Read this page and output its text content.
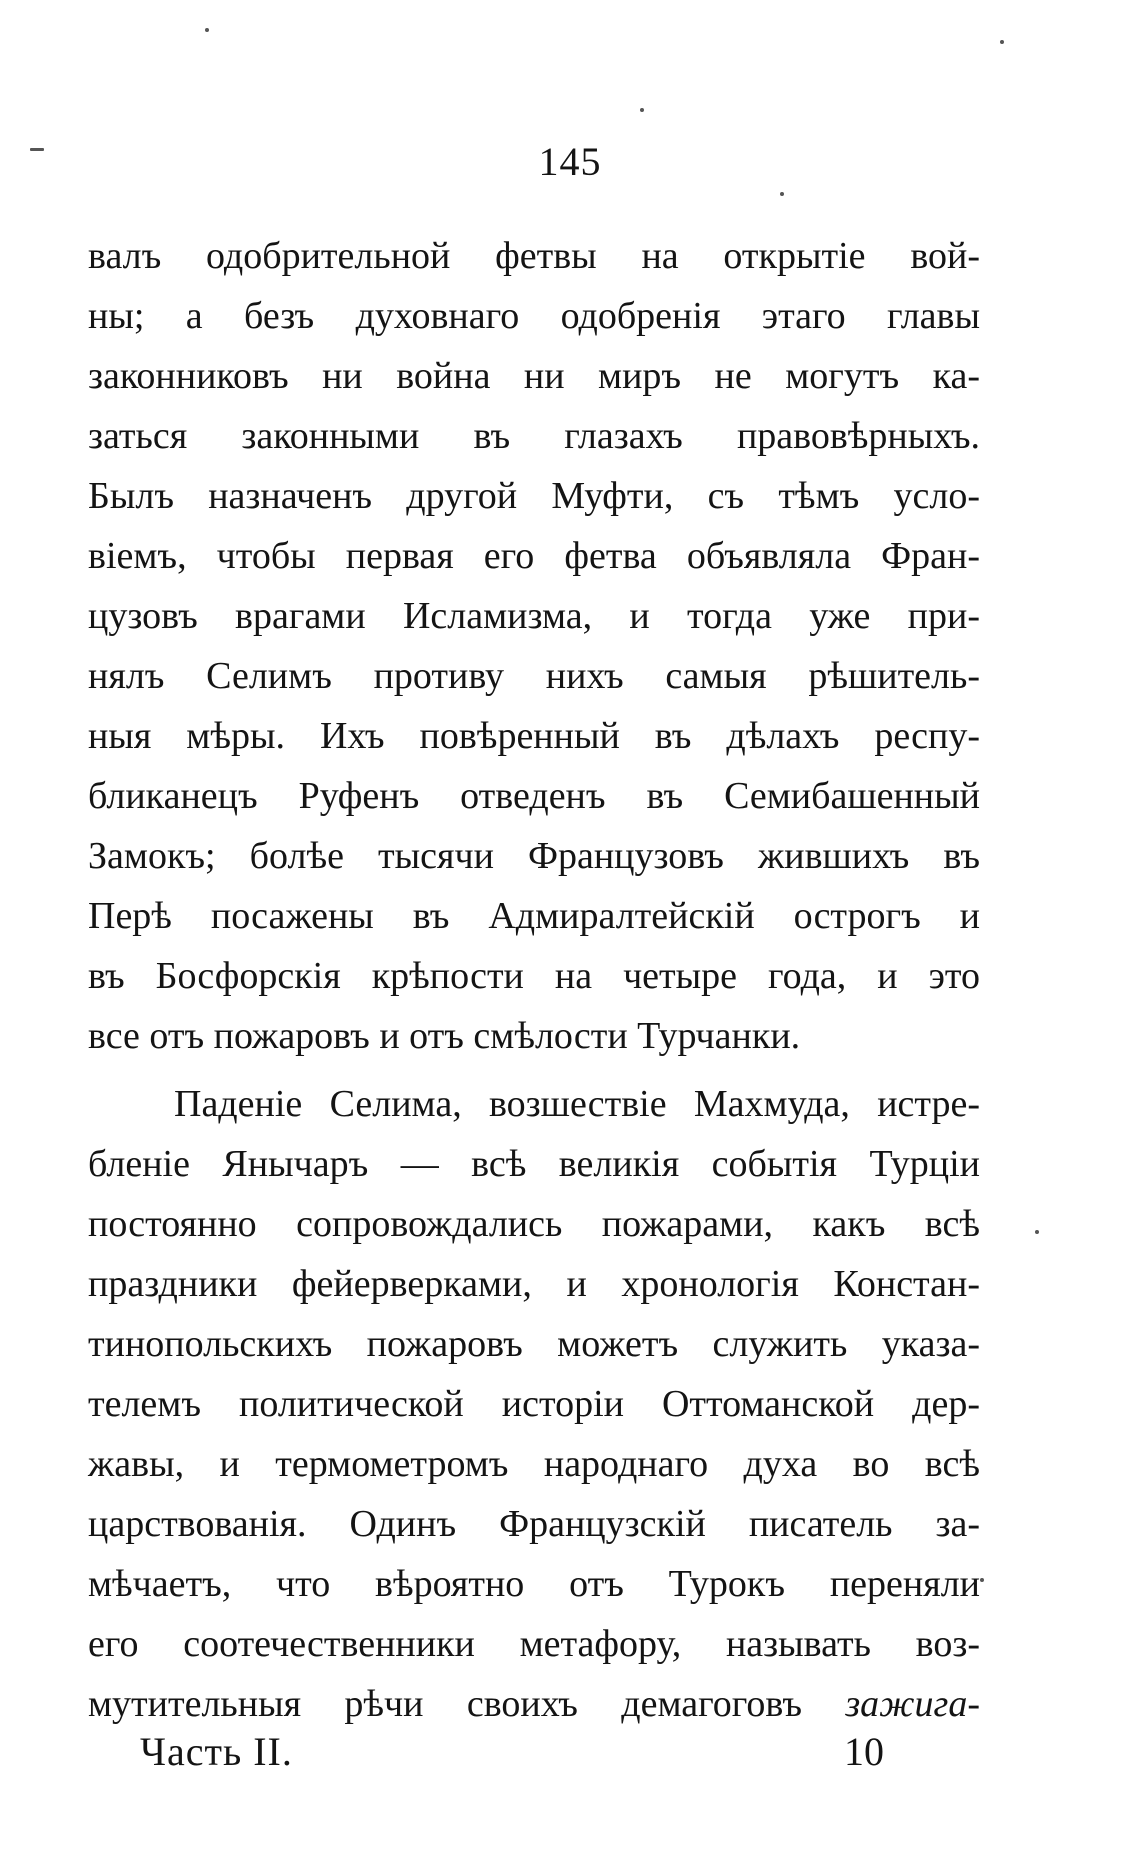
145
валъ одобрительной фетвы на открытіе вой-
ны; а безъ духовнаго одобренія этаго главы
законниковъ ни война ни миръ не могутъ ка-
заться законными въ глазахъ правовѣрныхъ.
Былъ назначенъ другой Муфти, съ тѣмъ усло-
віемъ, чтобы первая его фетва объявляла Фран-
цузовъ врагами Исламизма, и тогда уже при-
нялъ Селимъ противу нихъ самыя рѣшитель-
ныя мѣры. Ихъ повѣренный въ дѣлахъ респу-
бликанецъ Руфенъ отведенъ въ Семибашенный
Замокъ; болѣе тысячи Французовъ жившихъ въ
Перѣ посажены въ Адмиралтейскій острогъ и
въ Босфорскія крѣпости на четыре года, и это
все отъ пожаровъ и отъ смѣлости Турчанки.
Паденіе Селима, возшествіе Махмуда, истре-
бленіе Янычаръ — всѣ великія событія Турціи
постоянно сопровождались пожарами, какъ всѣ
праздники фейерверками, и хронологія Констан-
тинопольскихъ пожаровъ можетъ служить указа-
телемъ политической исторіи Оттоманской дер-
жавы, и термометромъ народнаго духа во всѣ
царствованія. Одинъ Французскій писатель за-
мѣчаетъ, что вѣроятно отъ Турокъ переняли
его соотечественники метафору, называть воз-
мутительныя рѣчи своихъ демагоговъ зажига-
Часть II.	10
